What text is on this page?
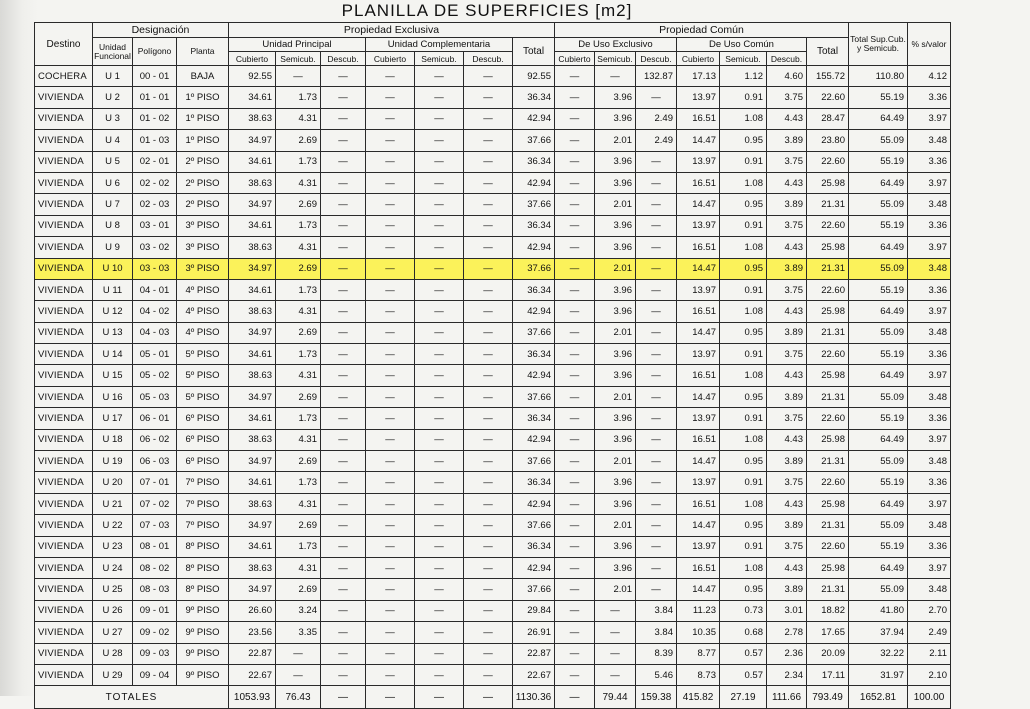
PLANILLA DE SUPERFICIES [m2]
Destino	Designación			Propiedad Exclusiva							Propiedad Común							Total Sup.Cub. y Semicub.	% s/valor
	Unidad Funcional	Polígono	Planta	Unidad Principal			Unidad Complementaria			Total	De Uso Exclusivo			De Uso Común			Total		
				Cubierto	Semicub.	Descub.	Cubierto	Semicub.	Descub.		Cubierto	Semicub.	Descub.	Cubierto	Semicub.	Descub.			
COCHERA	U 1	00 - 01	BAJA	92.55	—	—	—	—	—	92.55	—	—	132.87	17.13	1.12	4.60	155.72	110.80	4.12
VIVIENDA	U 2	01 - 01	1º PISO	34.61	1.73	—	—	—	—	36.34	—	3.96	—	13.97	0.91	3.75	22.60	55.19	3.36
VIVIENDA	U 3	01 - 02	1º PISO	38.63	4.31	—	—	—	—	42.94	—	3.96	2.49	16.51	1.08	4.43	28.47	64.49	3.97
VIVIENDA	U 4	01 - 03	1º PISO	34.97	2.69	—	—	—	—	37.66	—	2.01	2.49	14.47	0.95	3.89	23.80	55.09	3.48
VIVIENDA	U 5	02 - 01	2º PISO	34.61	1.73	—	—	—	—	36.34	—	3.96	—	13.97	0.91	3.75	22.60	55.19	3.36
VIVIENDA	U 6	02 - 02	2º PISO	38.63	4.31	—	—	—	—	42.94	—	3.96	—	16.51	1.08	4.43	25.98	64.49	3.97
VIVIENDA	U 7	02 - 03	2º PISO	34.97	2.69	—	—	—	—	37.66	—	2.01	—	14.47	0.95	3.89	21.31	55.09	3.48
VIVIENDA	U 8	03 - 01	3º PISO	34.61	1.73	—	—	—	—	36.34	—	3.96	—	13.97	0.91	3.75	22.60	55.19	3.36
VIVIENDA	U 9	03 - 02	3º PISO	38.63	4.31	—	—	—	—	42.94	—	3.96	—	16.51	1.08	4.43	25.98	64.49	3.97
VIVIENDA	U 10	03 - 03	3º PISO	34.97	2.69	—	—	—	—	37.66	—	2.01	—	14.47	0.95	3.89	21.31	55.09	3.48
VIVIENDA	U 11	04 - 01	4º PISO	34.61	1.73	—	—	—	—	36.34	—	3.96	—	13.97	0.91	3.75	22.60	55.19	3.36
VIVIENDA	U 12	04 - 02	4º PISO	38.63	4.31	—	—	—	—	42.94	—	3.96	—	16.51	1.08	4.43	25.98	64.49	3.97
VIVIENDA	U 13	04 - 03	4º PISO	34.97	2.69	—	—	—	—	37.66	—	2.01	—	14.47	0.95	3.89	21.31	55.09	3.48
VIVIENDA	U 14	05 - 01	5º PISO	34.61	1.73	—	—	—	—	36.34	—	3.96	—	13.97	0.91	3.75	22.60	55.19	3.36
VIVIENDA	U 15	05 - 02	5º PISO	38.63	4.31	—	—	—	—	42.94	—	3.96	—	16.51	1.08	4.43	25.98	64.49	3.97
VIVIENDA	U 16	05 - 03	5º PISO	34.97	2.69	—	—	—	—	37.66	—	2.01	—	14.47	0.95	3.89	21.31	55.09	3.48
VIVIENDA	U 17	06 - 01	6º PISO	34.61	1.73	—	—	—	—	36.34	—	3.96	—	13.97	0.91	3.75	22.60	55.19	3.36
VIVIENDA	U 18	06 - 02	6º PISO	38.63	4.31	—	—	—	—	42.94	—	3.96	—	16.51	1.08	4.43	25.98	64.49	3.97
VIVIENDA	U 19	06 - 03	6º PISO	34.97	2.69	—	—	—	—	37.66	—	2.01	—	14.47	0.95	3.89	21.31	55.09	3.48
VIVIENDA	U 20	07 - 01	7º PISO	34.61	1.73	—	—	—	—	36.34	—	3.96	—	13.97	0.91	3.75	22.60	55.19	3.36
VIVIENDA	U 21	07 - 02	7º PISO	38.63	4.31	—	—	—	—	42.94	—	3.96	—	16.51	1.08	4.43	25.98	64.49	3.97
VIVIENDA	U 22	07 - 03	7º PISO	34.97	2.69	—	—	—	—	37.66	—	2.01	—	14.47	0.95	3.89	21.31	55.09	3.48
VIVIENDA	U 23	08 - 01	8º PISO	34.61	1.73	—	—	—	—	36.34	—	3.96	—	13.97	0.91	3.75	22.60	55.19	3.36
VIVIENDA	U 24	08 - 02	8º PISO	38.63	4.31	—	—	—	—	42.94	—	3.96	—	16.51	1.08	4.43	25.98	64.49	3.97
VIVIENDA	U 25	08 - 03	8º PISO	34.97	2.69	—	—	—	—	37.66	—	2.01	—	14.47	0.95	3.89	21.31	55.09	3.48
VIVIENDA	U 26	09 - 01	9º PISO	26.60	3.24	—	—	—	—	29.84	—	—	3.84	11.23	0.73	3.01	18.82	41.80	2.70
VIVIENDA	U 27	09 - 02	9º PISO	23.56	3.35	—	—	—	—	26.91	—	—	3.84	10.35	0.68	2.78	17.65	37.94	2.49
VIVIENDA	U 28	09 - 03	9º PISO	22.87	—	—	—	—	—	22.87	—	—	8.39	8.77	0.57	2.36	20.09	32.22	2.11
VIVIENDA	U 29	09 - 04	9º PISO	22.67	—	—	—	—	—	22.67	—	—	5.46	8.73	0.57	2.34	17.11	31.97	2.10
TOTALES				1053.93	76.43	—	—	—	—	1130.36	—	79.44	159.38	415.82	27.19	111.66	793.49	1652.81	100.00
